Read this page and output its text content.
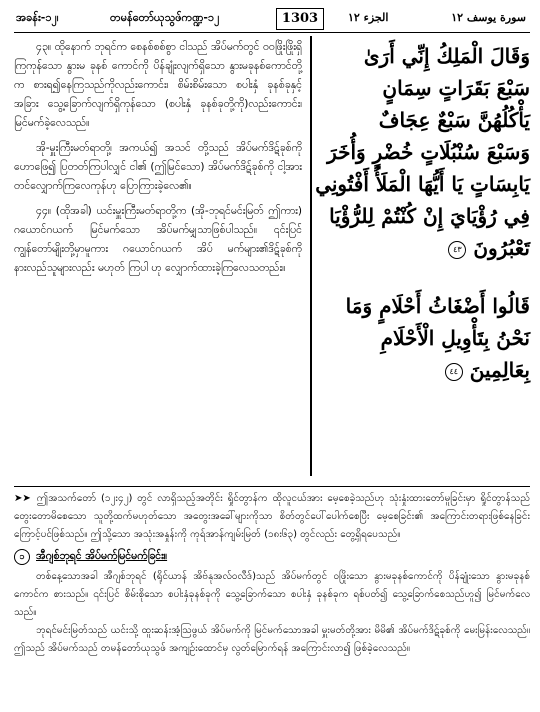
အခန်း-၁၂၊	တမန်တော်ယုသွဖ်ကဏ္ဍ-၁၂	1303	الجزء ١٢	سورة يوسف ١٢

၄၃။ ထိုနောက် ဘုရင်က စေနစ်စစ်စွာ ငါသည် အိပ်မက်တွင် ဝဝဖြိုးဖြိုးရှိကြကုန်သော နွားမ ခုနစ် ကောင်ကို ပိန်ချုံးလျက်ရှိသော နွားမခုနစ်ကောင်တို့က စားရ၍နေကြသည်ကိုလည်းကောင်း၊ စိမ်းစိမ်းသော စပါးနှံ ခုနစ်ခုနှင့် အခြား သွေ့ခြောက်လျက်ရှိကုန်သော (စပါးနှံ ခုနစ်ခုတို့ကို)လည်းကောင်း၊ မြင်မက်ခဲ့လေသည်။

အို-မှူးကြီးမတ်ရာတို့၊ အကယ်၍ အသင် တို့သည် အိပ်မက်ဒိဋ်ခုစ်ကိုဟောဖြေ၍ ပြတတ်ကြပါလျှင် ငါ၏ (ဤမြင်သော) အိပ်မက်ဒိဋ်ခုစ်ကို ငါ့အား တင်လျှောက်ကြလေကုန်ဟု ပြောကြားခဲ့လေ၏။

၄၄။ (ထိုအခါ) ယင်းမှူးကြီးမတ်ရာတို့က (အို-ဘုရင်မင်းမြတ် ဤကား) ဂယောင်ဂယက် မြင်မက်သော အိပ်မက်မျှသာဖြစ်ပါသည်။ ၎င်းပြင် ကျွန်တော်မျိုးတို့မှာမူကား ဂယောင်ဂယက် အိပ် မက်များ၏ဒိဋ်ခုစ်ကို နားလည်သူများလည်း မဟုတ် ကြပါ ဟု လျှောက်ထားခဲ့ကြလေသတည်း။

وَقَالَ الْمَلِكُ إِنِّي أَرَىٰ
سَبْعَ بَقَرَاتٍ سِمَانٍ
يَأْكُلُهُنَّ سَبْعٌ عِجَافٌ
وَسَبْعَ سُنْبُلَاتٍ خُضْرٍ وَأُخَرَ
يَابِسَاتٍ يَا أَيُّهَا الْمَلَأُ أَفْتُونِي
فِي رُؤْيَايَ إِنْ كُنْتُمْ لِلرُّؤْيَا
تَعْبُرُونَ ٤٣
قَالُوا أَضْغَاثُ أَحْلَامٍ وَمَا
نَحْنُ بِتَأْوِيلِ الْأَحْلَامِ
بِعَالِمِينَ ٤٤

➤➤ ဤအသက်တော် (၁၂း၄၂) တွင် လာရှိသည့်အတိုင်း ရှိုင်တွာန်က ထိုလူငယ်အား မေ့စေခဲ့သည်ဟု သုံးနှုံးထားတော်မူခြင်းမှာ ရှိုင်တွာန်သည် တွေးတောမိစေသော သူတို့ထက်မဟုတ်သော အတွေးအခေါ်များကိုသာ စိတ်တွင်ပေါ်ပေါက်စေပြီး မေ့စေခြင်း၏ အကြောင်းတရားဖြစ်နေခြင်းကြောင့်ပင်ဖြစ်သည်။ ဤသို့သော အသုံးအနှုန်းကို ကုရ်အာန်ကျမ်းမြတ် (၁၈း၆၃) တွင်လည်း တွေ့ရှိရပေသည်။

၁ အီဂျစ်ဘုရင် အိပ်မက်မြင်မက်ခြင်း။

တစ်နေ့သောအခါ အီဂျစ်ဘုရင် (ရိုင်ယာန် အိဗ်နုအလ်ဝလီဒ်)သည် အိပ်မက်တွင် ဝဖြိုးသော နွားမခုနစ်ကောင်ကို ပိန်ချုံးသော နွားမခုနစ်ကောင်က စားသည်။ ၎င်းပြင် စိမ်းစိုသော စပါးနှံခုနစ်ခုကို သွေ့ခြောက်သော စပါးနှံ ခုနစ်ခုက ရစ်ပတ်၍ သွေ့ခြောက်စေသည်ဟူ၍ မြင်မက်လေသည်။

ဘုရင်မင်းမြတ်သည် ယင်းသို့ ထူးဆန်းအံ့သြဖွယ် အိပ်မက်ကို မြင်မက်သောအခါ မှူးမတ်တို့အား မိမိ၏ အိပ်မက်ဒိဋ်ခုစ်ကို မေးမြန်းလေသည်။ ဤသည် အိပ်မက်သည် တမန်တော်ယုသွဖ် အကျဉ်းထောင်မှ လွတ်မြောက်ရန် အကြောင်းလာ၍ ဖြစ်ခဲ့လေသည်။
